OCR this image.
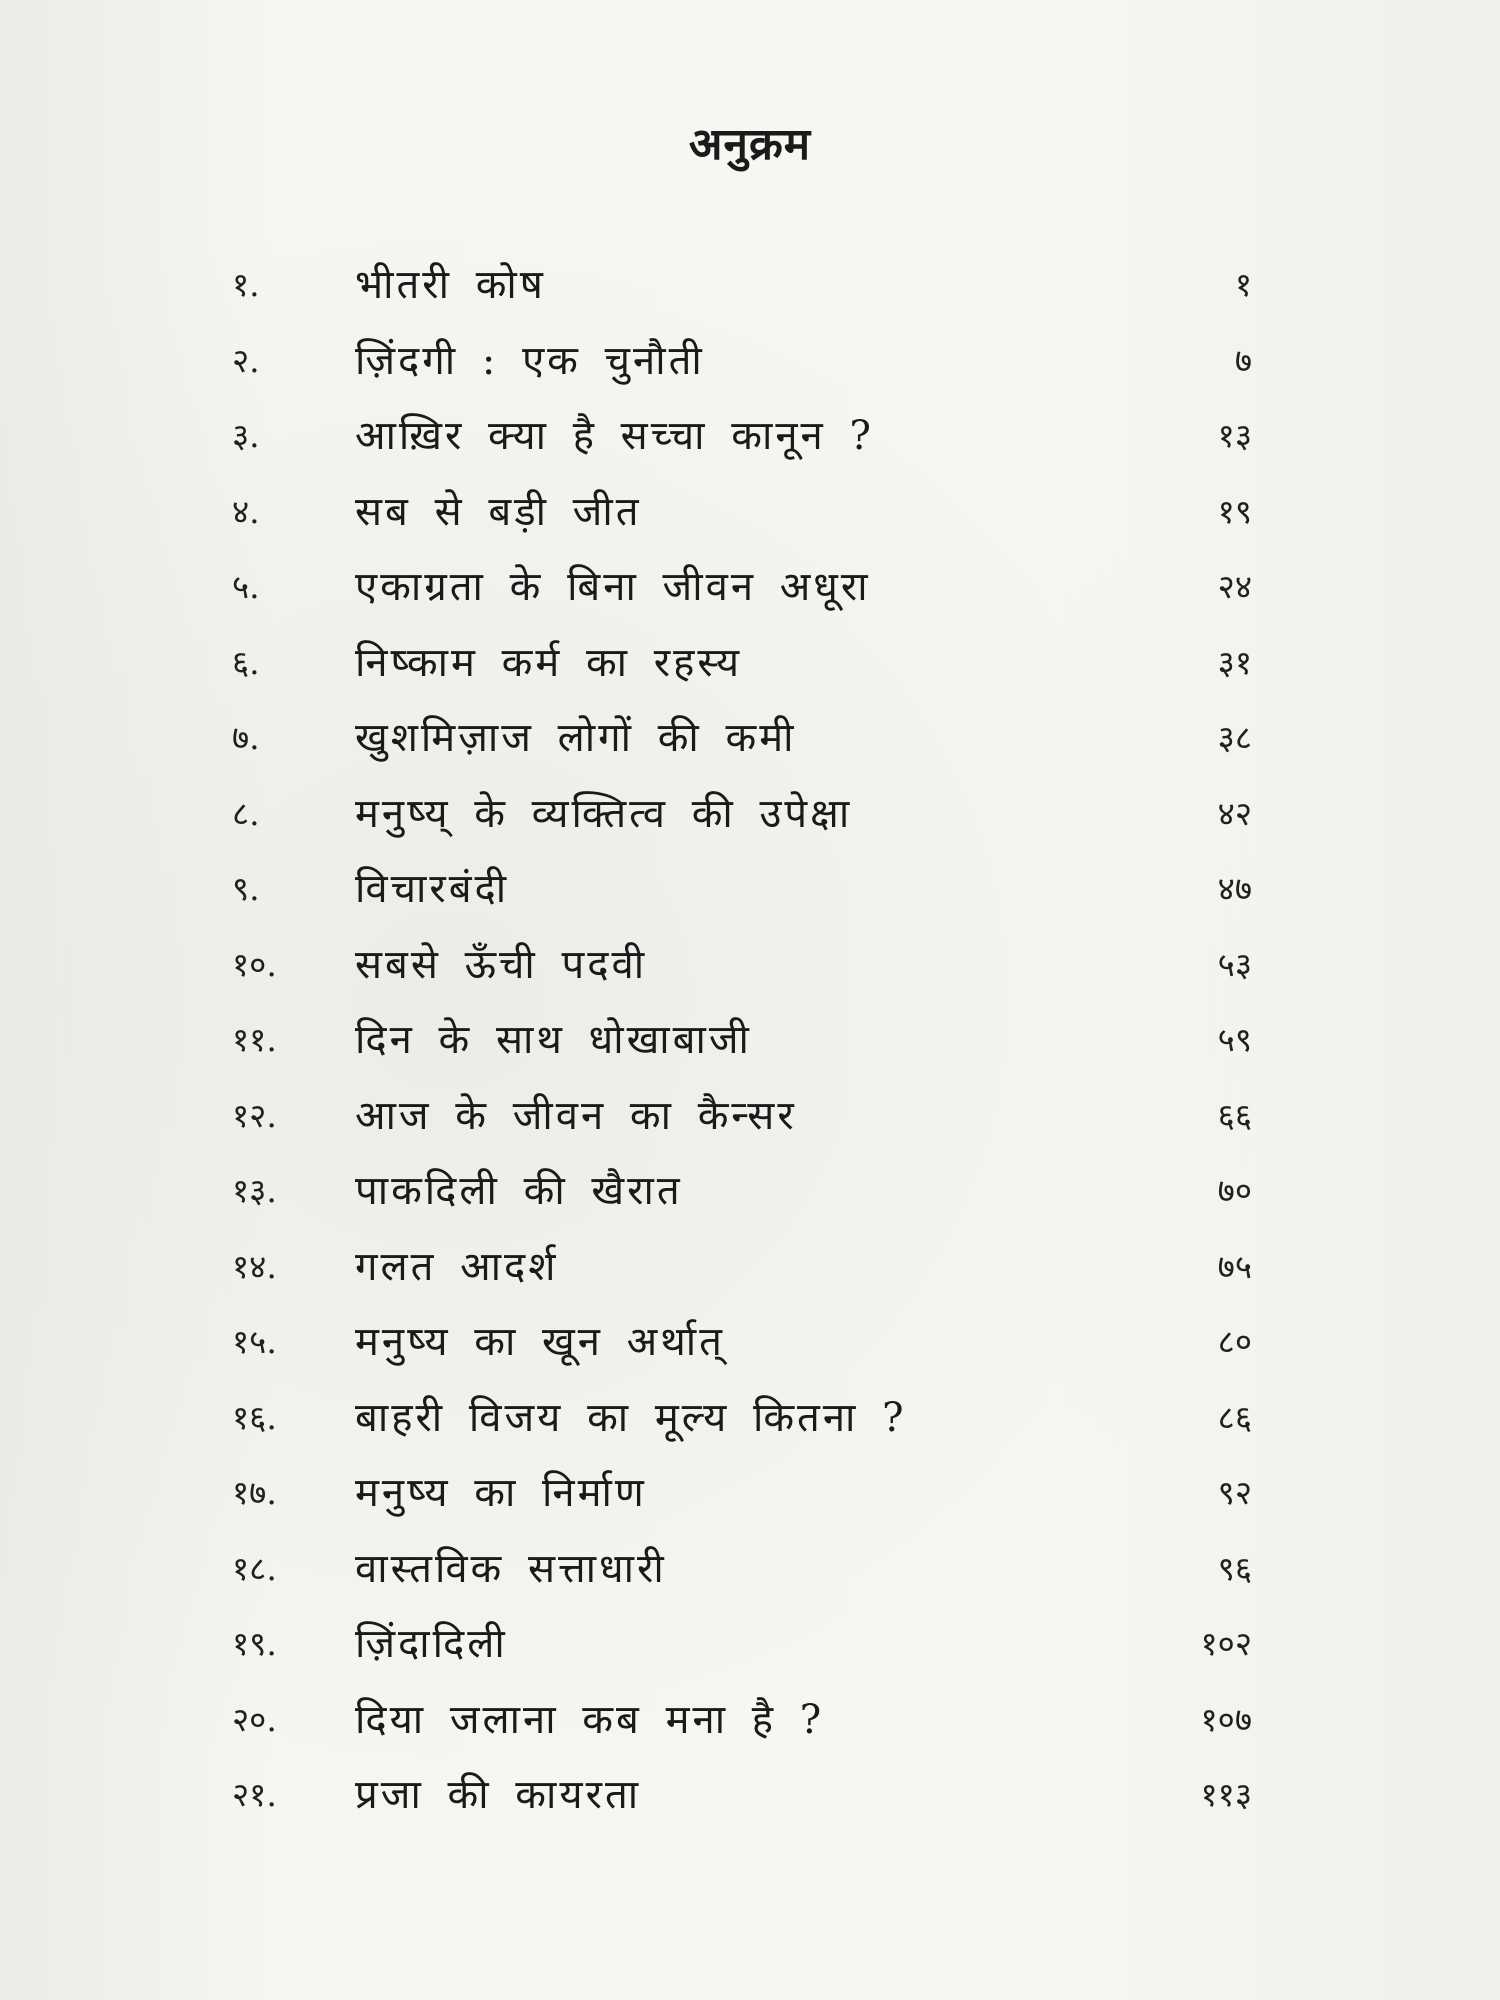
अनुक्रम
१.	भीतरी कोष	१
२.	ज़िंदगी : एक चुनौती	७
३.	आख़िर क्या है सच्चा कानून ?	१३
४.	सब से बड़ी जीत	१९
५.	एकाग्रता के बिना जीवन अधूरा	२४
६.	निष्काम कर्म का रहस्य	३१
७.	खुशमिज़ाज लोगों की कमी	३८
८.	मनुष्य् के व्यक्तित्व की उपेक्षा	४२
९.	विचारबंदी	४७
१०.	सबसे ऊँची पदवी	५३
११.	दिन के साथ धोखाबाजी	५९
१२.	आज के जीवन का कैन्सर	६६
१३.	पाकदिली की खैरात	७०
१४.	गलत आदर्श	७५
१५.	मनुष्य का खून अर्थात्	८०
१६.	बाहरी विजय का मूल्य कितना ?	८६
१७.	मनुष्य का निर्माण	९२
१८.	वास्तविक सत्ताधारी	९६
१९.	ज़िंदादिली	१०२
२०.	दिया जलाना कब मना है ?	१०७
२१.	प्रजा की कायरता	११३
